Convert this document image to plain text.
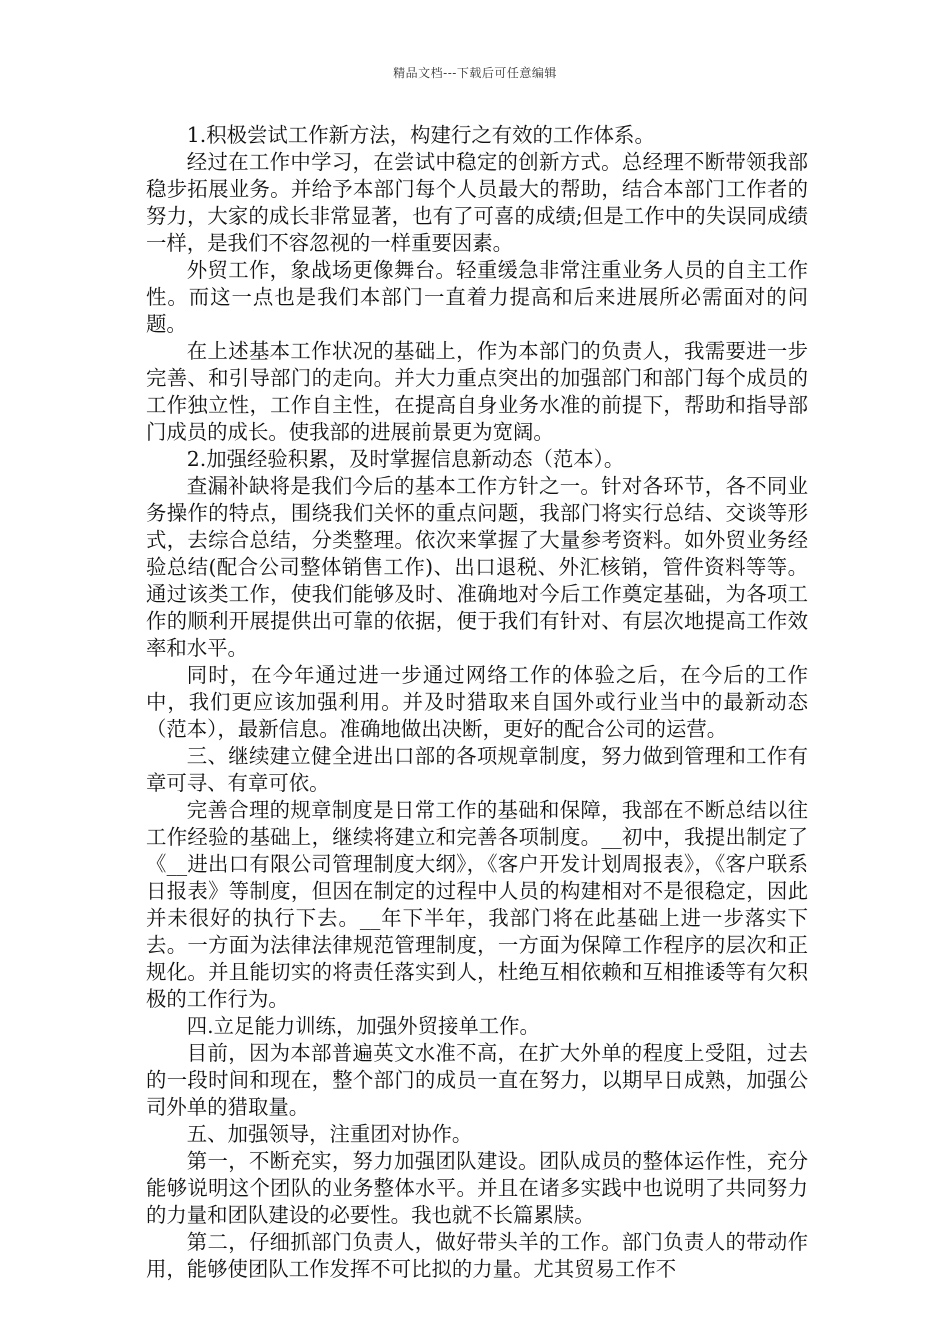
精品文档---下载后可任意编辑

1.积极尝试工作新方法，构建行之有效的工作体系。

经过在工作中学习，在尝试中稳定的创新方式。总经理不断带领我部稳步拓展业务。并给予本部门每个人员最大的帮助，结合本部门工作者的努力，大家的成长非常显著，也有了可喜的成绩;但是工作中的失误同成绩一样，是我们不容忽视的一样重要因素。

外贸工作，象战场更像舞台。轻重缓急非常注重业务人员的自主工作性。而这一点也是我们本部门一直着力提高和后来进展所必需面对的问题。

在上述基本工作状况的基础上，作为本部门的负责人，我需要进一步完善、和引导部门的走向。并大力重点突出的加强部门和部门每个成员的工作独立性，工作自主性，在提高自身业务水准的前提下，帮助和指导部门成员的成长。使我部的进展前景更为宽阔。

2.加强经验积累，及时掌握信息新动态（范本）。

查漏补缺将是我们今后的基本工作方针之一。针对各环节，各不同业务操作的特点，围绕我们关怀的重点问题，我部门将实行总结、交谈等形式，去综合总结，分类整理。依次来掌握了大量参考资料。如外贸业务经验总结(配合公司整体销售工作)、出口退税、外汇核销，管件资料等等。通过该类工作，使我们能够及时、准确地对今后工作奠定基础，为各项工作的顺利开展提供出可靠的依据，便于我们有针对、有层次地提高工作效率和水平。

同时，在今年通过进一步通过网络工作的体验之后，在今后的工作中，我们更应该加强利用。并及时猎取来自国外或行业当中的最新动态（范本），最新信息。准确地做出决断，更好的配合公司的运营。

三、继续建立健全进出口部的各项规章制度，努力做到管理和工作有章可寻、有章可依。

完善合理的规章制度是日常工作的基础和保障，我部在不断总结以往工作经验的基础上，继续将建立和完善各项制度。__初中，我提出制定了《__进出口有限公司管理制度大纲》，《客户开发计划周报表》，《客户联系日报表》等制度，但因在制定的过程中人员的构建相对不是很稳定，因此并未很好的执行下去。__年下半年，我部门将在此基础上进一步落实下去。一方面为法律法律规范管理制度，一方面为保障工作程序的层次和正规化。并且能切实的将责任落实到人，杜绝互相依赖和互相推诿等有欠积极的工作行为。

四.立足能力训练，加强外贸接单工作。

目前，因为本部普遍英文水准不高，在扩大外单的程度上受阻，过去的一段时间和现在，整个部门的成员一直在努力，以期早日成熟，加强公司外单的猎取量。

五、加强领导，注重团对协作。

第一，不断充实，努力加强团队建设。团队成员的整体运作性，充分能够说明这个团队的业务整体水平。并且在诸多实践中也说明了共同努力的力量和团队建设的必要性。我也就不长篇累牍。

第二，仔细抓部门负责人，做好带头羊的工作。部门负责人的带动作用，能够使团队工作发挥不可比拟的力量。尤其贸易工作不
